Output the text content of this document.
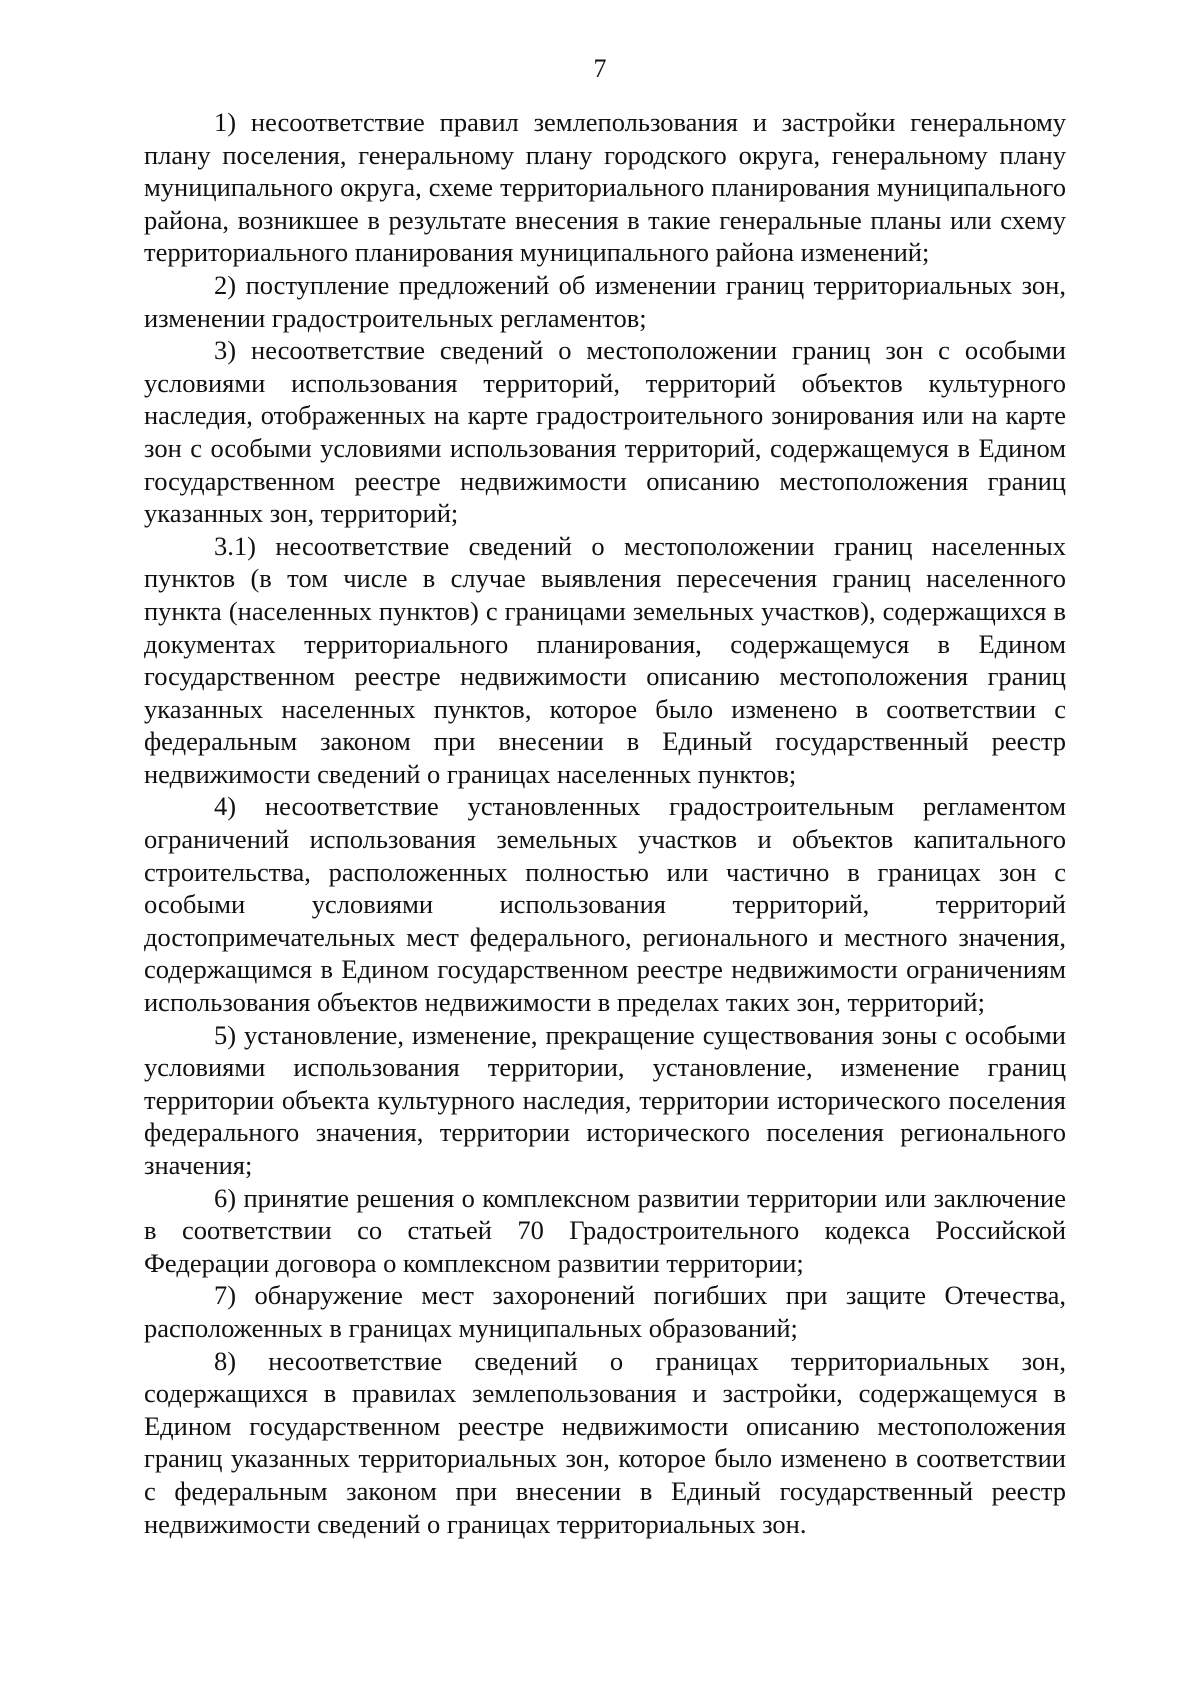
7

1) несоответствие правил землепользования и застройки генеральному плану поселения, генеральному плану городского округа, генеральному плану муниципального округа, схеме территориального планирования муниципального района, возникшее в результате внесения в такие генеральные планы или схему территориального планирования муниципального района изменений;

2) поступление предложений об изменении границ территориальных зон, изменении градостроительных регламентов;

3) несоответствие сведений о местоположении границ зон с особыми условиями использования территорий, территорий объектов культурного наследия, отображенных на карте градостроительного зонирования или на карте зон с особыми условиями использования территорий, содержащемуся в Едином государственном реестре недвижимости описанию местоположения границ указанных зон, территорий;

3.1) несоответствие сведений о местоположении границ населенных пунктов (в том числе в случае выявления пересечения границ населенного пункта (населенных пунктов) с границами земельных участков), содержащихся в документах территориального планирования, содержащемуся в Едином государственном реестре недвижимости описанию местоположения границ указанных населенных пунктов, которое было изменено в соответствии с федеральным законом при внесении в Единый государственный реестр недвижимости сведений о границах населенных пунктов;

4) несоответствие установленных градостроительным регламентом ограничений использования земельных участков и объектов капитального строительства, расположенных полностью или частично в границах зон с особыми условиями использования территорий, территорий достопримечательных мест федерального, регионального и местного значения, содержащимся в Едином государственном реестре недвижимости ограничениям использования объектов недвижимости в пределах таких зон, территорий;

5) установление, изменение, прекращение существования зоны с особыми условиями использования территории, установление, изменение границ территории объекта культурного наследия, территории исторического поселения федерального значения, территории исторического поселения регионального значения;

6) принятие решения о комплексном развитии территории или заключение в соответствии со статьей 70 Градостроительного кодекса Российской Федерации договора о комплексном развитии территории;

7) обнаружение мест захоронений погибших при защите Отечества, расположенных в границах муниципальных образований;

8) несоответствие сведений о границах территориальных зон, содержащихся в правилах землепользования и застройки, содержащемуся в Едином государственном реестре недвижимости описанию местоположения границ указанных территориальных зон, которое было изменено в соответствии с федеральным законом при внесении в Единый государственный реестр недвижимости сведений о границах территориальных зон.
